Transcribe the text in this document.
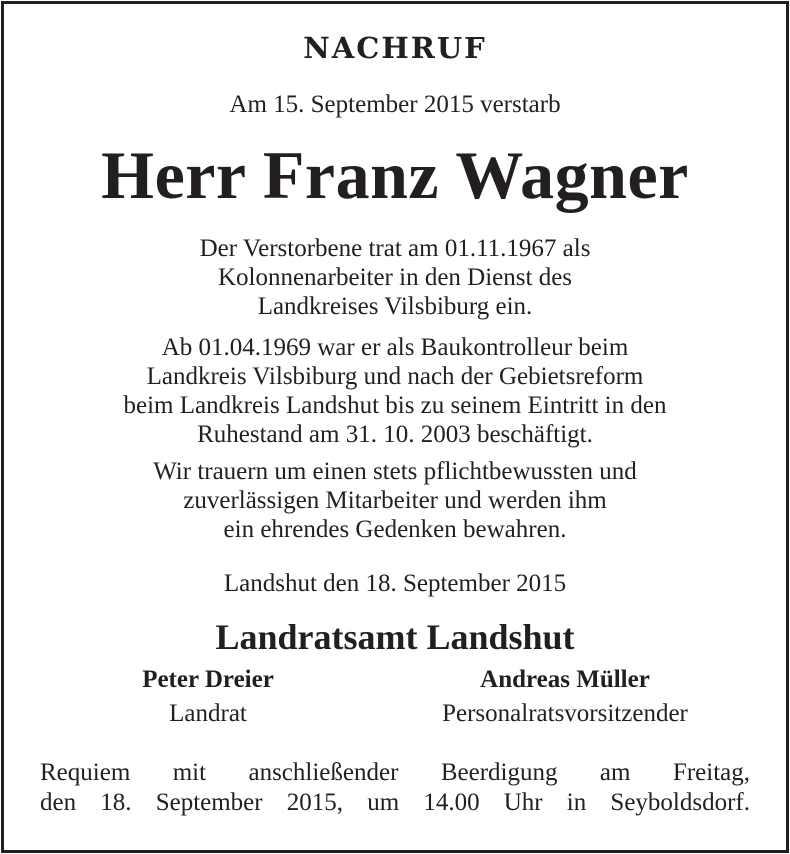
NACHRUF
Am 15. September 2015 verstarb
Herr Franz Wagner
Der Verstorbene trat am 01.11.1967 als
Kolonnenarbeiter in den Dienst des
Landkreises Vilsbiburg ein.
Ab 01.04.1969 war er als Baukontrolleur beim
Landkreis Vilsbiburg und nach der Gebietsreform
beim Landkreis Landshut bis zu seinem Eintritt in den
Ruhestand am 31. 10. 2003 beschäftigt.
Wir trauern um einen stets pflichtbewussten und
zuverlässigen Mitarbeiter und werden ihm
ein ehrendes Gedenken bewahren.
Landshut den 18. September 2015
Landratsamt Landshut
Peter Dreier
Landrat
Andreas Müller
Personalratsvorsitzender
Requiem mit anschließender Beerdigung am Freitag,
den 18. September 2015, um 14.00 Uhr in Seyboldsdorf.
